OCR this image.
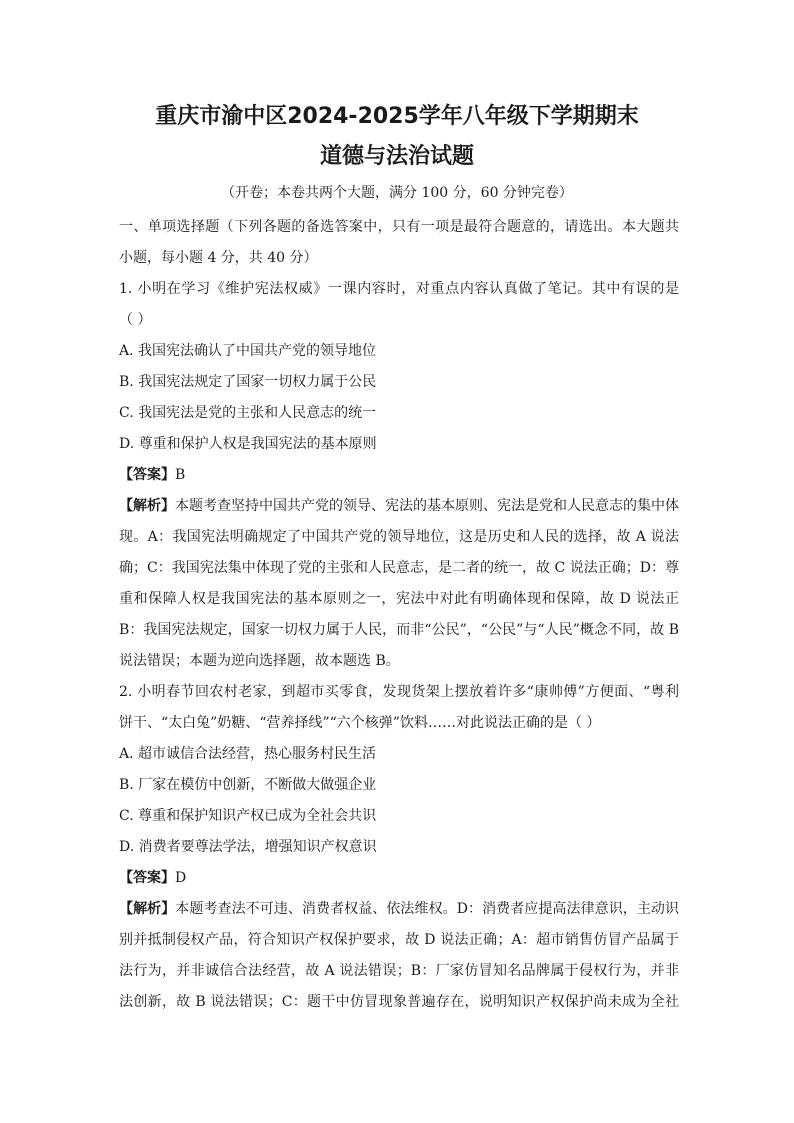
重庆市渝中区2024-2025学年八年级下学期期末
道德与法治试题
（开卷；本卷共两个大题，满分 100 分，60 分钟完卷）
一、单项选择题（下列各题的备选答案中，只有一项是最符合题意的，请选出。本大题共
小题，每小题 4 分，共 40 分）
1. 小明在学习《维护宪法权威》一课内容时，对重点内容认真做了笔记。其中有误的是
（ ）
A. 我国宪法确认了中国共产党的领导地位
B. 我国宪法规定了国家一切权力属于公民
C. 我国宪法是党的主张和人民意志的统一
D. 尊重和保护人权是我国宪法的基本原则
【答案】B
【解析】本题考查坚持中国共产党的领导、宪法的基本原则、宪法是党和人民意志的集中体
现。A：我国宪法明确规定了中国共产党的领导地位，这是历史和人民的选择，故 A 说法
确；C：我国宪法集中体现了党的主张和人民意志，是二者的统一，故 C 说法正确；D：尊
重和保障人权是我国宪法的基本原则之一，宪法中对此有明确体现和保障，故 D 说法正
B：我国宪法规定，国家一切权力属于人民，而非“公民”，“公民”与“人民”概念不同，故 B
说法错误；本题为逆向选择题，故本题选 B。
2. 小明春节回农村老家，到超市买零食，发现货架上摆放着许多“康帅傅”方便面、“粤利
饼干、“太白兔”奶糖、“营养择线”“六个核弹”饮料……对此说法正确的是（ ）
A. 超市诚信合法经营，热心服务村民生活
B. 厂家在模仿中创新，不断做大做强企业
C. 尊重和保护知识产权已成为全社会共识
D. 消费者要尊法学法，增强知识产权意识
【答案】D
【解析】本题考查法不可违、消费者权益、依法维权。D：消费者应提高法律意识，主动识
别并抵制侵权产品，符合知识产权保护要求，故 D 说法正确；A：超市销售仿冒产品属于
法行为，并非诚信合法经营，故 A 说法错误；B：厂家仿冒知名品牌属于侵权行为，并非
法创新，故 B 说法错误；C：题干中仿冒现象普遍存在，说明知识产权保护尚未成为全社
